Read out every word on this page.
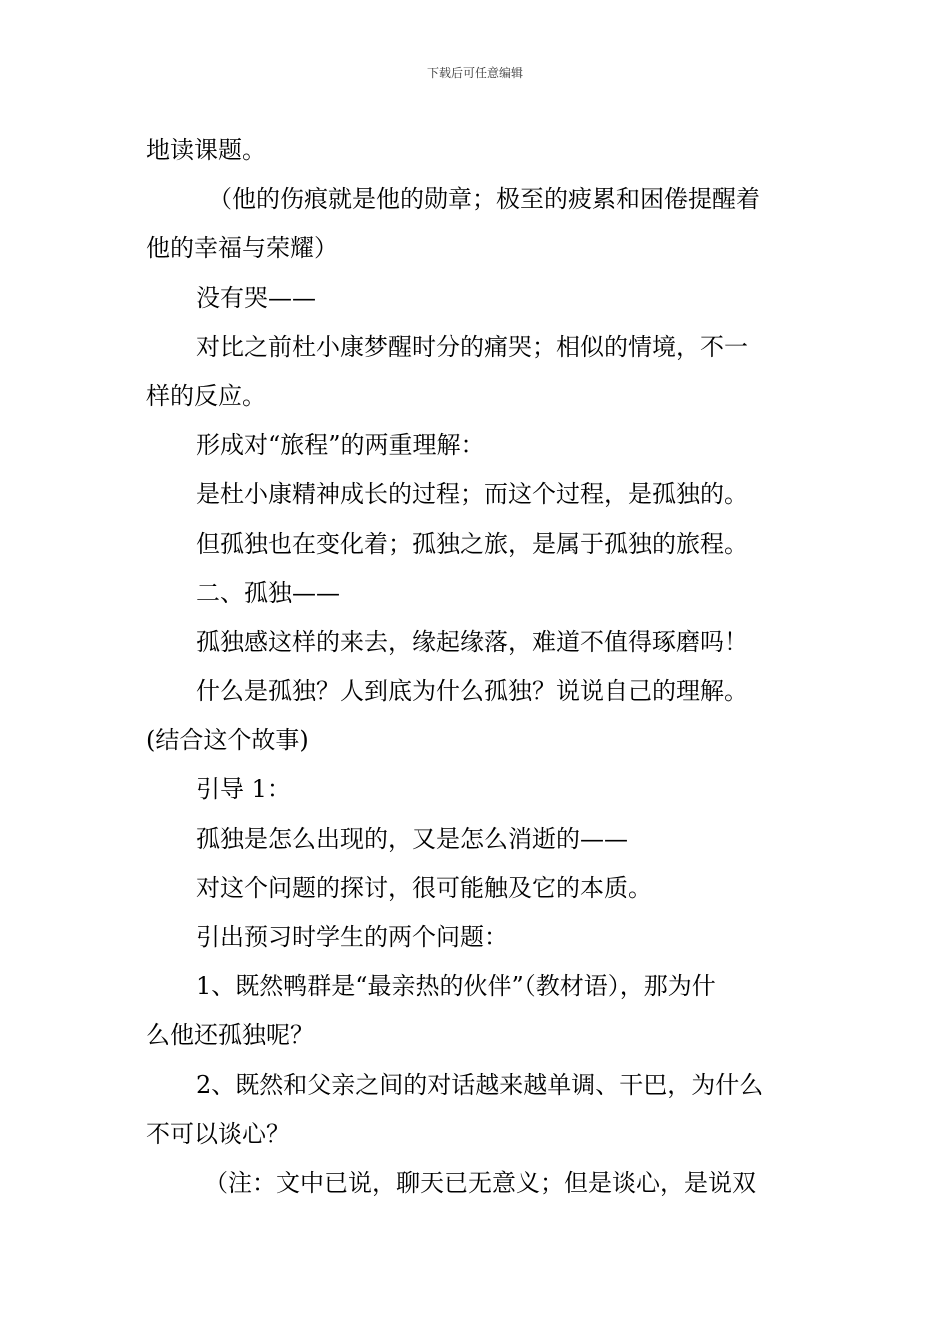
下载后可任意编辑
地读课题。
（他的伤痕就是他的勋章；极至的疲累和困倦提醒着
他的幸福与荣耀）
没有哭——
对比之前杜小康梦醒时分的痛哭；相似的情境，不一
样的反应。
形成对“旅程”的两重理解：
是杜小康精神成长的过程；而这个过程，是孤独的。
但孤独也在变化着；孤独之旅，是属于孤独的旅程。
二、孤独——
孤独感这样的来去，缘起缘落，难道不值得琢磨吗！
什么是孤独？人到底为什么孤独？说说自己的理解。
(结合这个故事)
引导 1：
孤独是怎么出现的，又是怎么消逝的——
对这个问题的探讨，很可能触及它的本质。
引出预习时学生的两个问题：
1、既然鸭群是“最亲热的伙伴”（教材语），那为什
么他还孤独呢？
2、既然和父亲之间的对话越来越单调、干巴，为什么
不可以谈心？
（注：文中已说，聊天已无意义；但是谈心，是说双
